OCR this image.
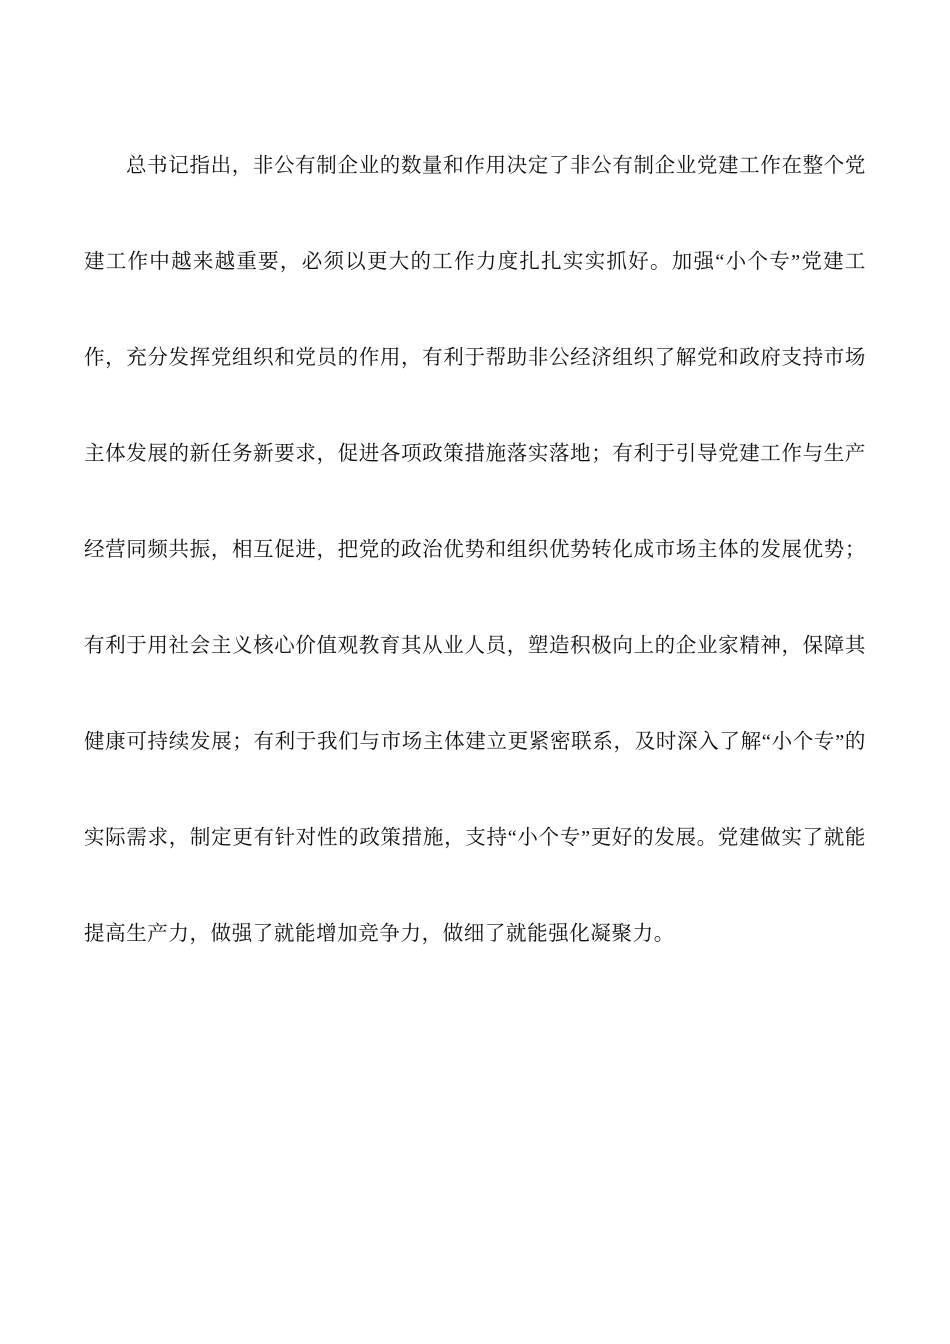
总书记指出，非公有制企业的数量和作用决定了非公有制企业党建工作在整个党建工作中越来越重要，必须以更大的工作力度扎扎实实抓好。加强“小个专”党建工作，充分发挥党组织和党员的作用，有利于帮助非公经济组织了解党和政府支持市场主体发展的新任务新要求，促进各项政策措施落实落地；有利于引导党建工作与生产经营同频共振，相互促进，把党的政治优势和组织优势转化成市场主体的发展优势；有利于用社会主义核心价值观教育其从业人员，塑造积极向上的企业家精神，保障其健康可持续发展；有利于我们与市场主体建立更紧密联系，及时深入了解“小个专”的实际需求，制定更有针对性的政策措施，支持“小个专”更好的发展。党建做实了就能提高生产力，做强了就能增加竞争力，做细了就能强化凝聚力。
